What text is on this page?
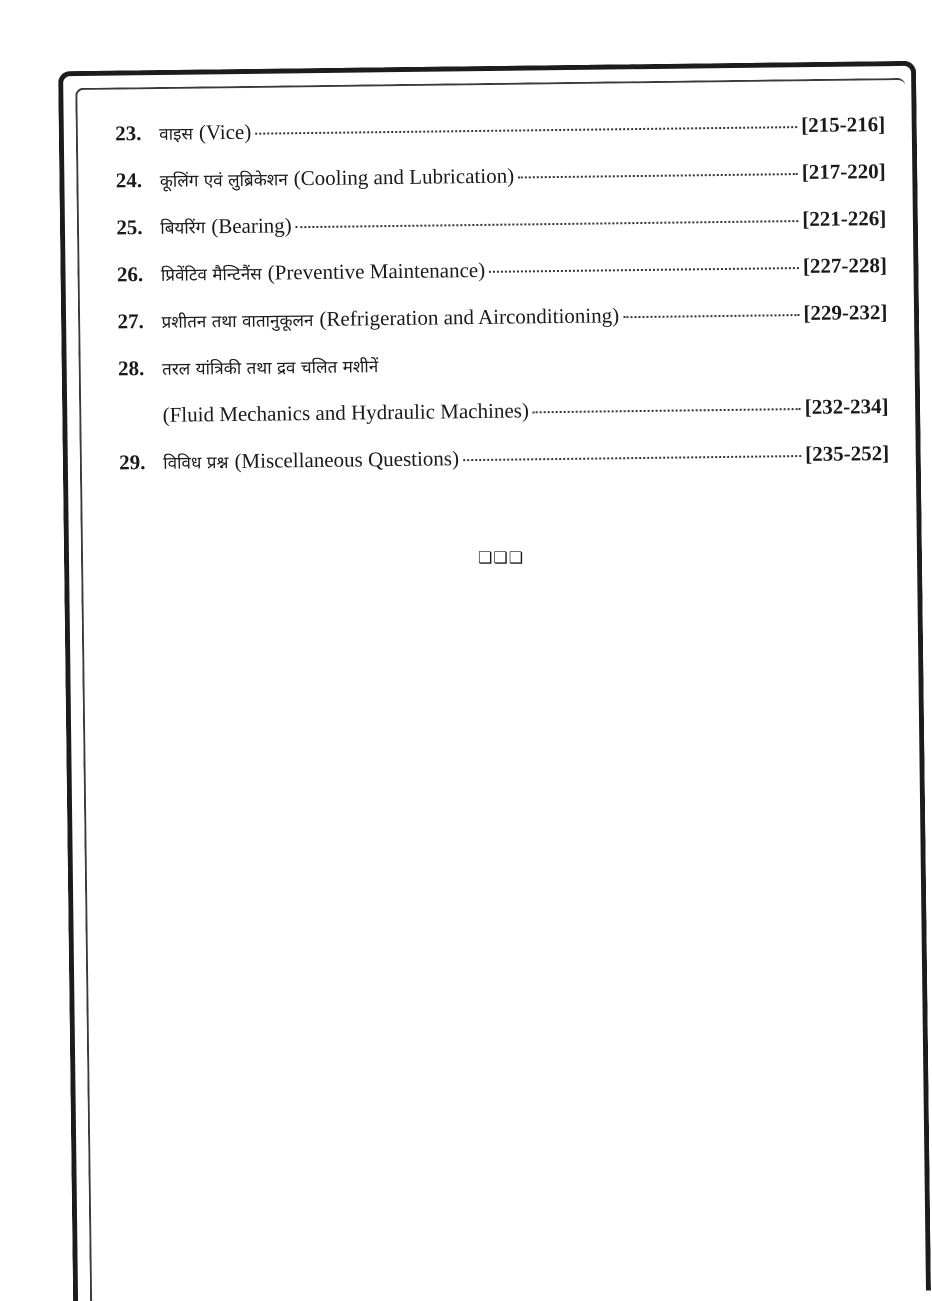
23.	वाइस (Vice)	[215-216]
24.	कूलिंग एवं लुब्रिकेशन (Cooling and Lubrication)	[217-220]
25.	बियरिंग (Bearing)	[221-226]
26.	प्रिवेंटिव मैन्टिनैंस (Preventive Maintenance)	[227-228]
27.	प्रशीतन तथा वातानुकूलन (Refrigeration and Airconditioning)	[229-232]
28.	तरल यांत्रिकी तथा द्रव चलित मशीनें
(Fluid Mechanics and Hydraulic Machines)	[232-234]
29.	विविध प्रश्न (Miscellaneous Questions)	[235-252]
❏❏❏
